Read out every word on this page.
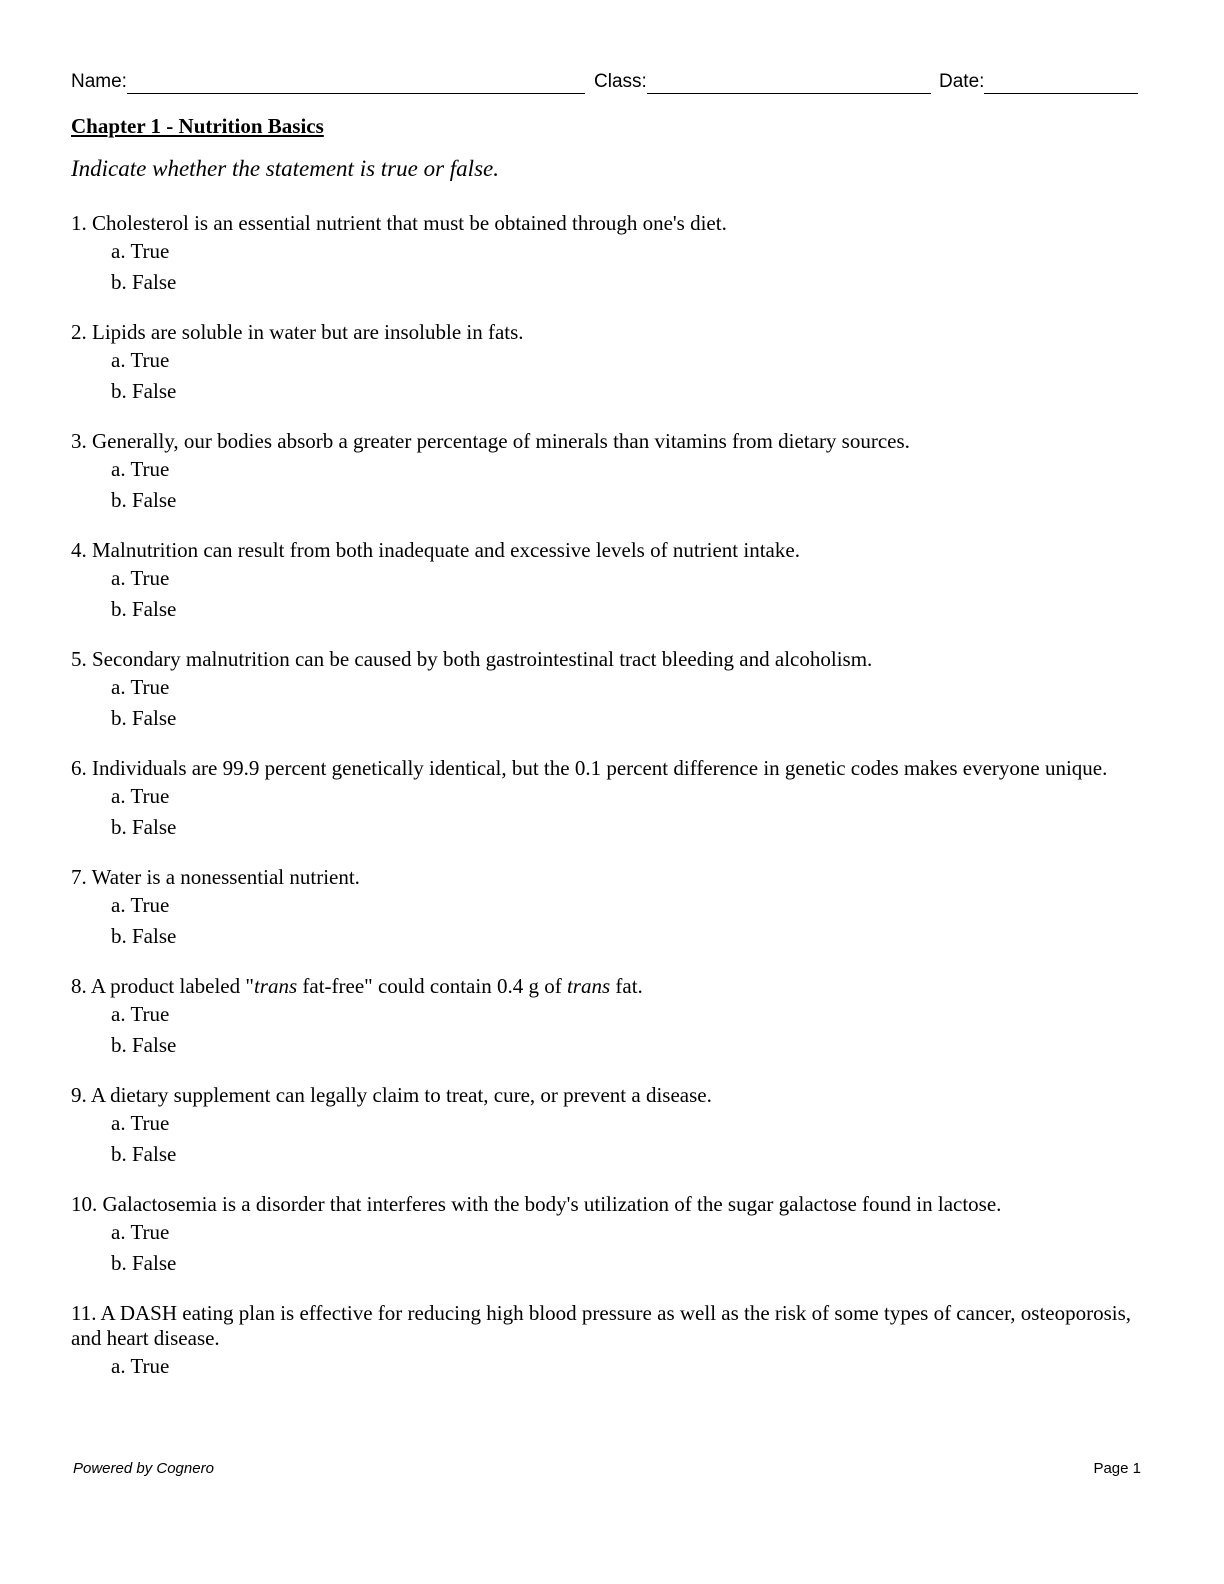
Name:	Class:	Date:
Chapter 1 - Nutrition Basics
Indicate whether the statement is true or false.

1. Cholesterol is an essential nutrient that must be obtained through one's diet.

a. True

b. False

2. Lipids are soluble in water but are insoluble in fats.

a. True

b. False

3. Generally, our bodies absorb a greater percentage of minerals than vitamins from dietary sources.

a. True

b. False

4. Malnutrition can result from both inadequate and excessive levels of nutrient intake.

a. True

b. False

5. Secondary malnutrition can be caused by both gastrointestinal tract bleeding and alcoholism.

a. True

b. False

6. Individuals are 99.9 percent genetically identical, but the 0.1 percent difference in genetic codes makes everyone unique.

a. True

b. False

7. Water is a nonessential nutrient.

a. True

b. False

8. A product labeled "trans fat-free" could contain 0.4 g of trans fat.

a. True

b. False

9. A dietary supplement can legally claim to treat, cure, or prevent a disease.

a. True

b. False

10. Galactosemia is a disorder that interferes with the body's utilization of the sugar galactose found in lactose.

a. True

b. False

11. A DASH eating plan is effective for reducing high blood pressure as well as the risk of some types of cancer, osteoporosis, and heart disease.

a. True

Powered by Cognero	Page 1
